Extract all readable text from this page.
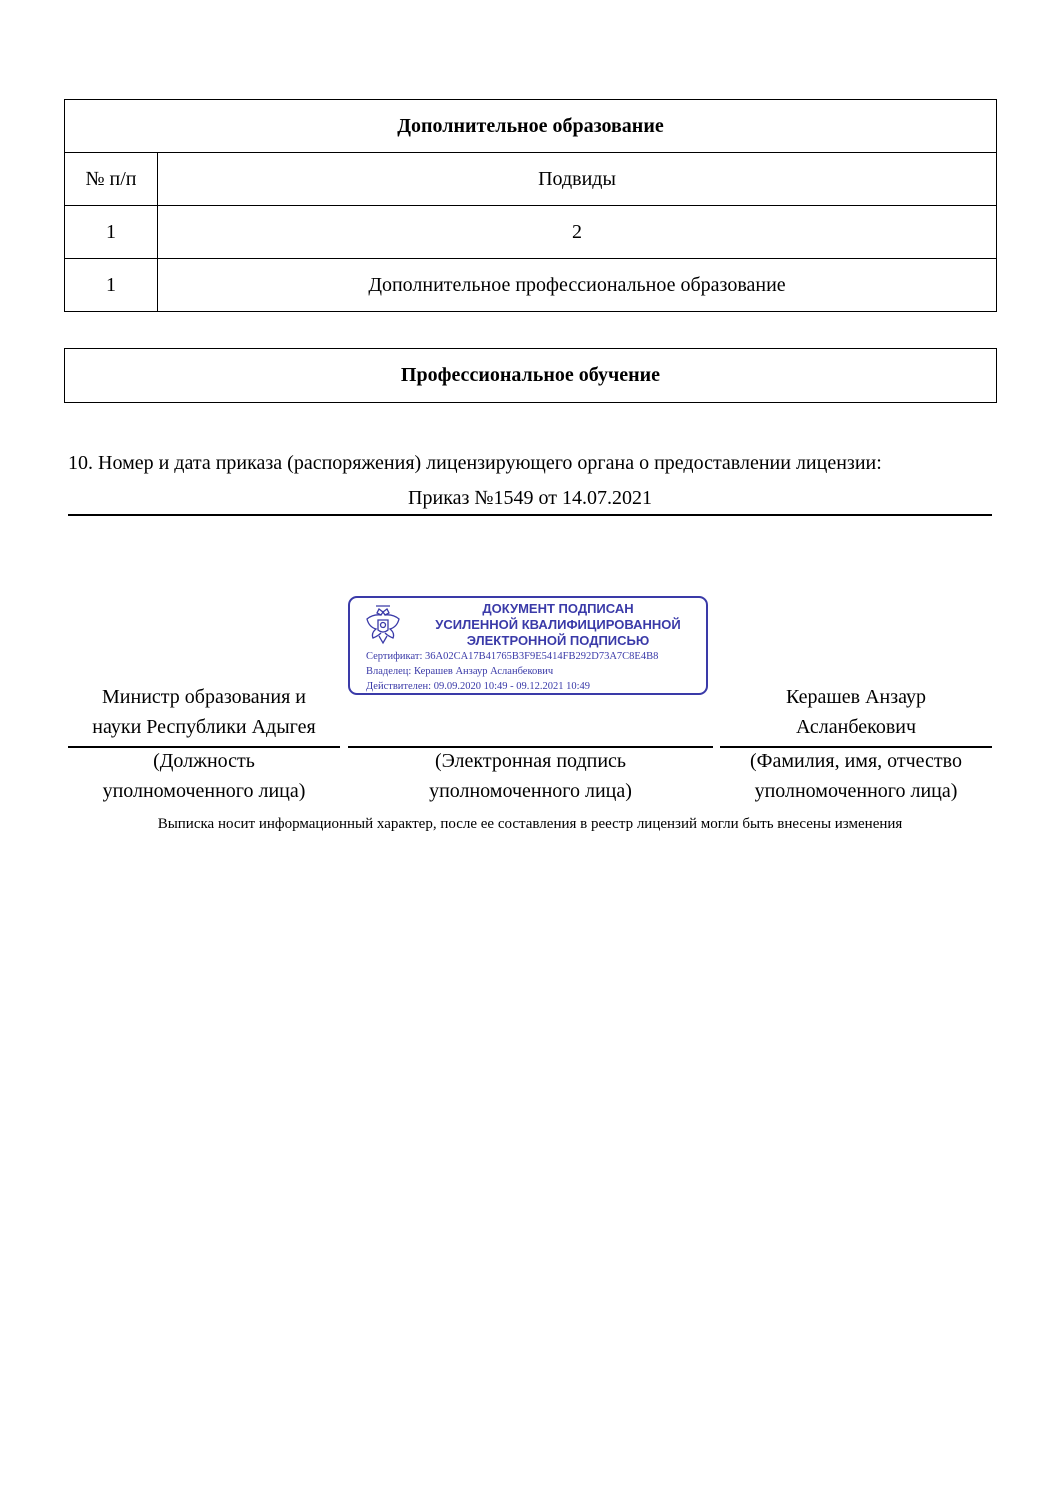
Дополнительное образование	
№ п/п	Подвиды
1	2
1	Дополнительное профессиональное образование
Профессиональное обучение
10. Номер и дата приказа (распоряжения) лицензирующего органа о предоставлении лицензии:
Приказ №1549 от 14.07.2021
ДОКУМЕНТ ПОДПИСАН
УСИЛЕННОЙ КВАЛИФИЦИРОВАННОЙ
ЭЛЕКТРОННОЙ ПОДПИСЬЮ
Сертификат: 36A02CA17B41765B3F9E5414FB292D73A7C8E4B8
Владелец: Керашев Анзаур Асланбекович
Действителен: 09.09.2020 10:49 - 09.12.2021 10:49
Министр образования и
науки Республики Адыгея
Керашев Анзаур
Асланбекович
(Должность
уполномоченного лица)
(Электронная подпись
уполномоченного лица)
(Фамилия, имя, отчество
уполномоченного лица)
Выписка носит информационный характер, после ее составления в реестр лицензий могли быть внесены изменения
